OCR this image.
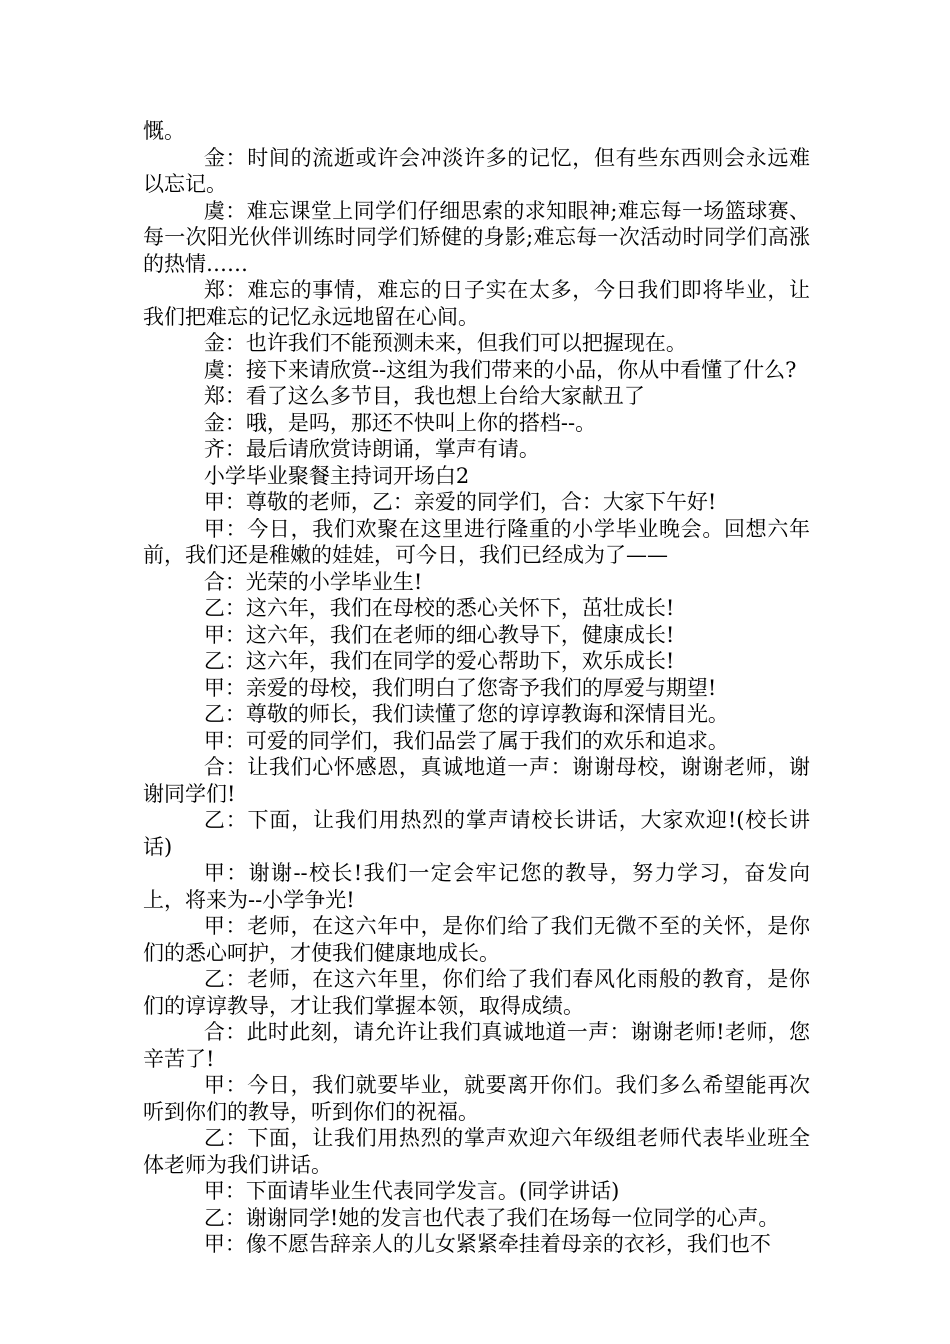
慨。

金：时间的流逝或许会冲淡许多的记忆，但有些东西则会永远难以忘记。

虞：难忘课堂上同学们仔细思索的求知眼神;难忘每一场篮球赛、每一次阳光伙伴训练时同学们矫健的身影;难忘每一次活动时同学们高涨的热情……

郑：难忘的事情，难忘的日子实在太多，今日我们即将毕业，让我们把难忘的记忆永远地留在心间。

金：也许我们不能预测未来，但我们可以把握现在。

虞：接下来请欣赏--这组为我们带来的小品，你从中看懂了什么?

郑：看了这么多节目，我也想上台给大家献丑了

金：哦，是吗，那还不快叫上你的搭档--。

齐：最后请欣赏诗朗诵，掌声有请。

小学毕业聚餐主持词开场白2

甲：尊敬的老师，乙：亲爱的同学们，合：大家下午好!

甲：今日，我们欢聚在这里进行隆重的小学毕业晚会。回想六年前，我们还是稚嫩的娃娃，可今日，我们已经成为了——

合：光荣的小学毕业生!

乙：这六年，我们在母校的悉心关怀下，茁壮成长!

甲：这六年，我们在老师的细心教导下，健康成长!

乙：这六年，我们在同学的爱心帮助下，欢乐成长!

甲：亲爱的母校，我们明白了您寄予我们的厚爱与期望!

乙：尊敬的师长，我们读懂了您的谆谆教诲和深情目光。

甲：可爱的同学们，我们品尝了属于我们的欢乐和追求。

合：让我们心怀感恩，真诚地道一声：谢谢母校，谢谢老师，谢谢同学们!

乙：下面，让我们用热烈的掌声请校长讲话，大家欢迎!(校长讲话)

甲：谢谢--校长!我们一定会牢记您的教导，努力学习，奋发向上，将来为--小学争光!

甲：老师，在这六年中，是你们给了我们无微不至的关怀，是你们的悉心呵护，才使我们健康地成长。

乙：老师，在这六年里，你们给了我们春风化雨般的教育，是你们的谆谆教导，才让我们掌握本领，取得成绩。

合：此时此刻，请允许让我们真诚地道一声：谢谢老师!老师，您辛苦了!

甲：今日，我们就要毕业，就要离开你们。我们多么希望能再次听到你们的教导，听到你们的祝福。

乙：下面，让我们用热烈的掌声欢迎六年级组老师代表毕业班全体老师为我们讲话。

甲：下面请毕业生代表同学发言。(同学讲话)

乙：谢谢同学!她的发言也代表了我们在场每一位同学的心声。

甲：像不愿告辞亲人的儿女紧紧牵挂着母亲的衣衫，我们也不
